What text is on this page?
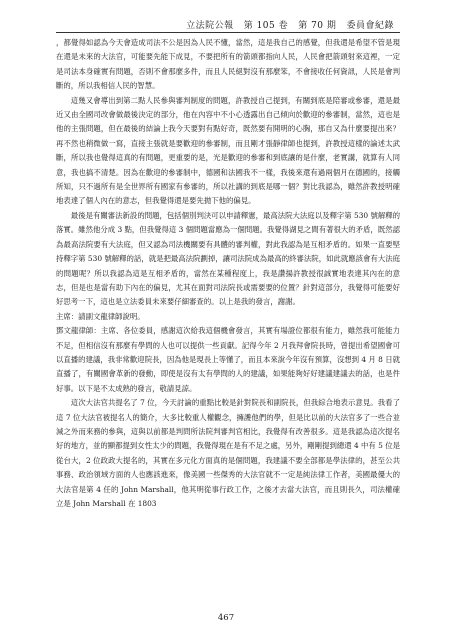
立法院公報 第 105 卷 第 70 期 委員會紀錄

，都覺得如認為今天會造成司法不公是因為人民不懂，當然，這是我自己的感覺，但我還是希望不管是現在還是未來的大法官，可能要先能下成見，不要把所有的箭頭都指向人民，人民會把箭頭射來這裡，一定是司法本身確實有問題，否則不會那麼多件，而且人民絕對沒有那麼笨，不會接收任何資訊，人民是會判斷的，所以我相信人民的智慧。

這幾又會導出到第二點人民參與審判制度的問題，許教授自己提到，有關到底是陪審或參審，還是最近又由全國司改會做最後決定的部分，他在內容中不小心透露出自己傾向於歡迎的參審制，當然，這也是他的主張問題，但在最後的結論上我今天要對有點好奇，既然要有開明的心胸，那自又為什麼要提出來？再不然也稍微做一寫，直接主張就是要歡迎的參審制，而且剛才張靜律師也提到，許教授這樣的論述太武斷，所以我也覺得這真的有問題，更重要的是，光是歡迎的參審和到底讓的是什麼，老實講，就算有人同意，我也搞不清楚。因為在歡迎的參審制中，德國和法國我不一樣，我後來還有過兩個月在德國的，接觸所知，只不過所有是全世界所有國家有參審的，所以社講的到底是哪一個？對比我認為，雖然許教授明確地表達了個人內在的意志，但我覺得還是要先拋下他的偏見。

最後是有關審法新設的問題，包括個別判決可以申請釋憲，最高法院大法庭以及釋字第 530 號解釋的落實。雖然他分成 3 點，但我覺得這 3 個問題當應為一個問題。我覺得湖見之間有著很大的矛盾，既然認為最高法院要有大法庭，但又認為司法機關要有具體的審判權，對此我認為是互相矛盾的。如果一直要堅持釋字第 530 號解釋的話，就是把最高法院劃掉，讓司法院成為最高的終審法院，如此就應該會有大法庭的問題呢？所以我認為這是互相矛盾的，當然在某種程度上，我是讚揚許教授很誠實地表達其內在的意志，但是也是當有助下內在的偏見，尤其在面對司法院長或需要要的位置？針對這部分，我覺得可能要好好思考一下，這也是立法委員未來要仔細審查的。以上是我的發言，謝謝。

主席：請副文龍律師說明。

鄧文龍律師：主席、各位委員，感謝這次給我這個機會發言，其實有場證位都很有能力，雖然我可能能力不足，但相信沒有那麼有學問的人也可以提供一些貢獻。記得今年 2 月我拜會院長時，曾提出希望國會可以直播的建議，我非常歡迎院長，因為他是現長上等懂了，而且本來說今年沒有預算，沒想到 4 月 8 日就直播了，有關國會革新的發動，即使是沒有太有學問的人的建議，如果能夠好好建議建議去的話，也是件好事。以下是不太成熟的發言，敬請見諒。

這次大法官共提名了 7 位，今天討論的重點比較是針對院長和副院長，但我綜合地表示意見。我看了這 7 位大法官被提名人的簡介，大多比較重人權觀念，擁護他們的學，但是比以前的大法官多了一些合並減之外而來務的參與，這與以前都是判問所法院判審判官相比，我覺得有改善很多。這是我認為這次提名好的地方，並的顯都提到女性太少的問題，我覺得現在是有不足之處，另外，剛剛提到總還 4 中有 5 位是從台大，2 位政政大提名的，其實在多元化方面真的是個問題，我建議不要全部都是學法律的，甚至公共事務、政治領域方面的人也應該進來，像美國一些傑秀的大法官就不一定是純法律工作者，美國最優大的大法官是第 4 任的 John Marshall，他其明從事行政工作，之後才去當大法官，而且則長久，司法權確立是 John Marshall 在 1803

467
